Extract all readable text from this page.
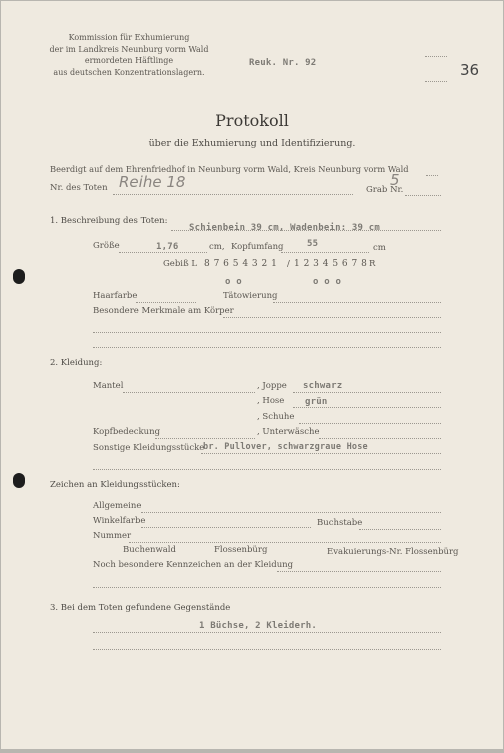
Kommission für Exhumierung
der im Landkreis Neunburg vorm Wald
ermordeten Häftlinge
aus deutschen Konzentrationslagern.
Reuk. Nr. 92	36
Protokoll
über die Exhumierung und Identifizierung.
Beerdigt auf dem Ehrenfriedhof in Neunburg vorm Wald, Kreis Neunburg vorm Wald
Nr. des Toten Reihe 18	Grab Nr.
5
1. Beschreibung des Toten:
Schienbein 39 cm, Wadenbein: 39 cm
Größe	1,76	cm, Kopfumfang	55	cm
Gebiß L 8 7 6 5 4 3 2 1 / 1 2 3 4 5 6 7 8 R
o o	o o o
Haarfarbe	Tätowierung
Besondere Merkmale am Körper
2. Kleidung:
Mantel	, Joppe schwarz
, Hose grün
, Schuhe
Kopfbedeckung	, Unterwäsche
Sonstige Kleidungsstücke
br. Pullover, schwarzgraue Hose
Zeichen an Kleidungsstücken:
Allgemeine
Winkelfarbe	Buchstabe
Nummer
Buchenwald	Flossenbürg	Evakuierungs-Nr. Flossenbürg
Noch besondere Kennzeichen an der Kleidung
3. Bei dem Toten gefundene Gegenstände
1 Büchse, 2 Kleiderh.
